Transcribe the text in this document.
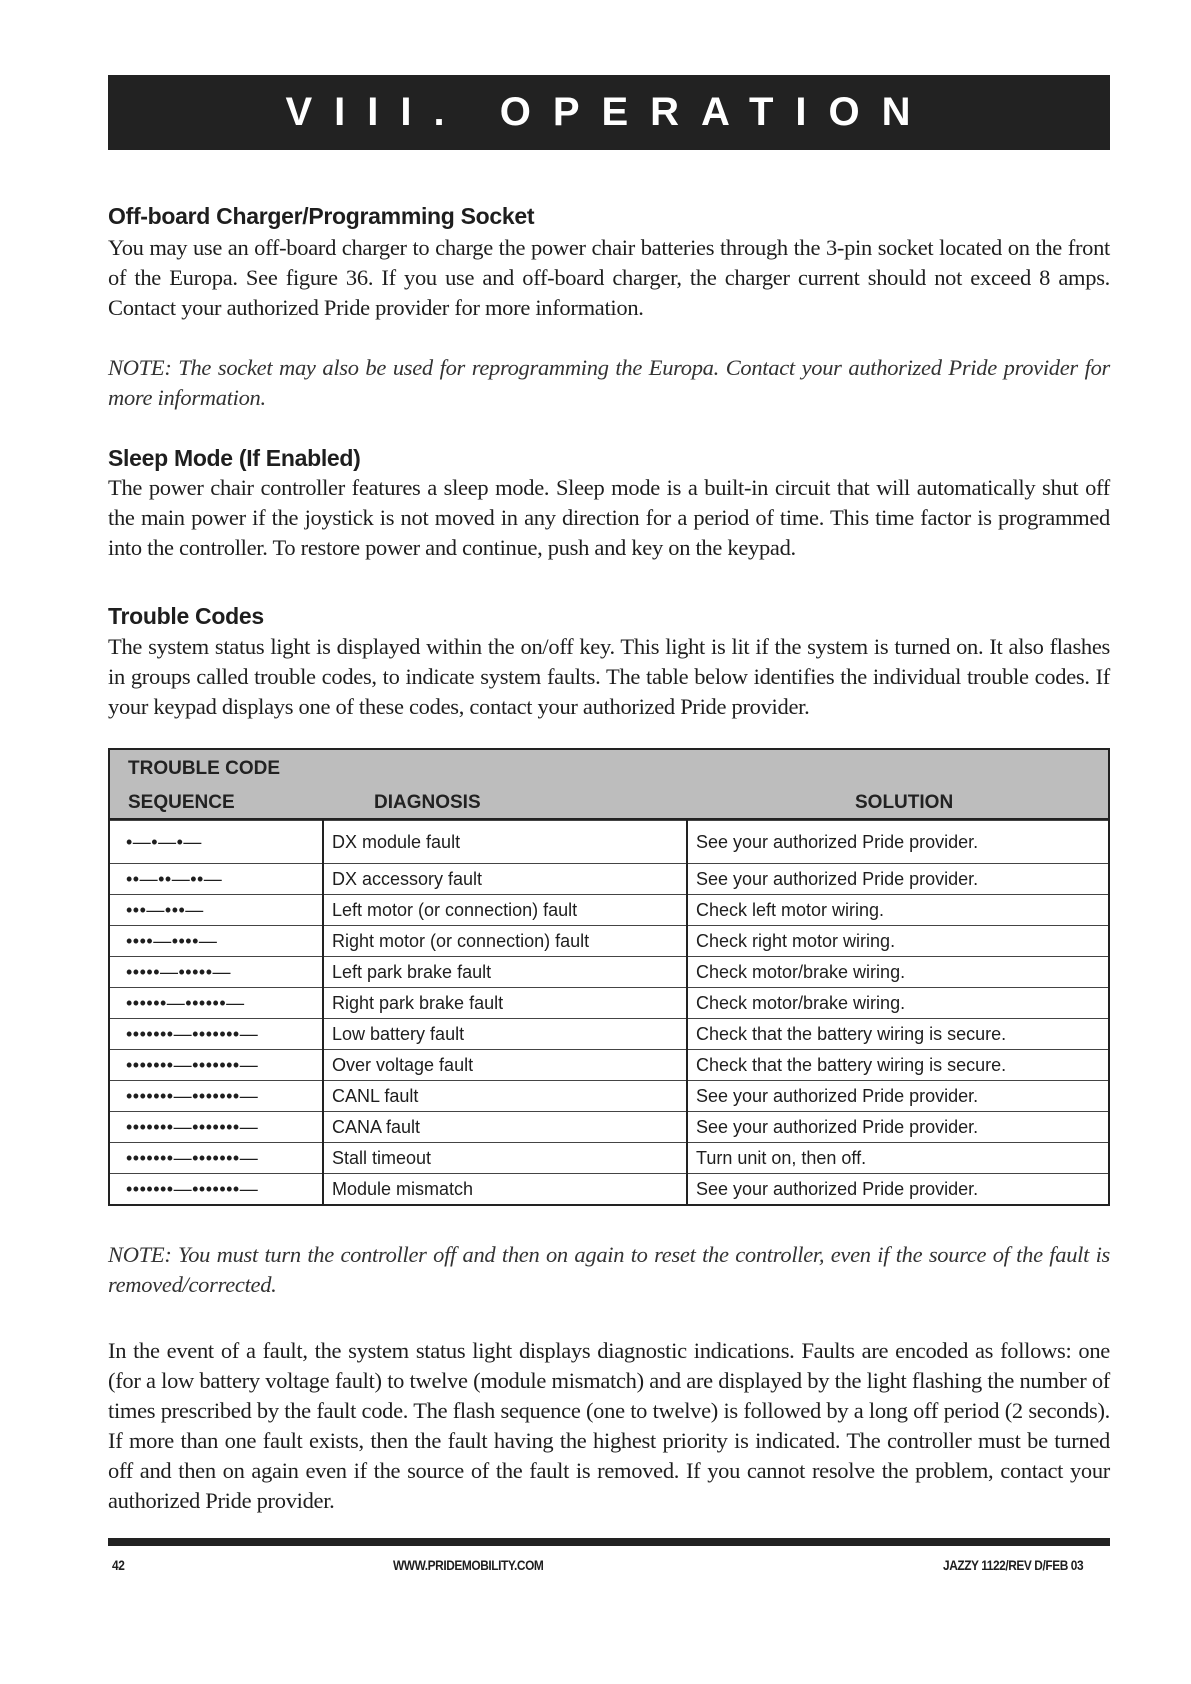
VIII. OPERATION
Off-board Charger/Programming Socket
You may use an off-board charger to charge the power chair batteries through the 3-pin socket located on the front of the Europa. See figure 36. If you use and off-board charger, the charger current should not exceed 8 amps. Contact your authorized Pride provider for more information.
NOTE: The socket may also be used for reprogramming the Europa. Contact your authorized Pride provider for more information.
Sleep Mode (If Enabled)
The power chair controller features a sleep mode. Sleep mode is a built-in circuit that will automatically shut off the main power if the joystick is not moved in any direction for a period of time. This time factor is programmed into the controller. To restore power and continue, push and key on the keypad.
Trouble Codes
The system status light is displayed within the on/off key. This light is lit if the system is turned on. It also flashes in groups called trouble codes, to indicate system faults. The table below identifies the individual trouble codes. If your keypad displays one of these codes, contact your authorized Pride provider.
TROUBLE CODE
SEQUENCE DIAGNOSIS SOLUTION		

•—•—•—	DX module fault	See your authorized Pride provider.
••—••—••—	DX accessory fault	See your authorized Pride provider.
•••—•••—	Left motor (or connection) fault	Check left motor wiring.
••••—••••—	Right motor (or connection) fault	Check right motor wiring.
•••••—•••••—	Left park brake fault	Check motor/brake wiring.
••••••—••••••—	Right park brake fault	Check motor/brake wiring.
•••••••—•••••••—	Low battery fault	Check that the battery wiring is secure.
•••••••—•••••••—	Over voltage fault	Check that the battery wiring is secure.
•••••••—•••••••—	CANL fault	See your authorized Pride provider.
•••••••—•••••••—	CANA fault	See your authorized Pride provider.
•••••••—•••••••—	Stall timeout	Turn unit on, then off.
•••••••—•••••••—	Module mismatch	See your authorized Pride provider.
NOTE: You must turn the controller off and then on again to reset the controller, even if the source of the fault is removed/corrected.
In the event of a fault, the system status light displays diagnostic indications. Faults are encoded as follows: one (for a low battery voltage fault) to twelve (module mismatch) and are displayed by the light flashing the number of times prescribed by the fault code. The flash sequence (one to twelve) is followed by a long off period (2 seconds). If more than one fault exists, then the fault having the highest priority is indicated. The controller must be turned off and then on again even if the source of the fault is removed. If you cannot resolve the problem, contact your authorized Pride provider.
42	WWW.PRIDEMOBILITY.COM	JAZZY 1122/REV D/FEB 03
